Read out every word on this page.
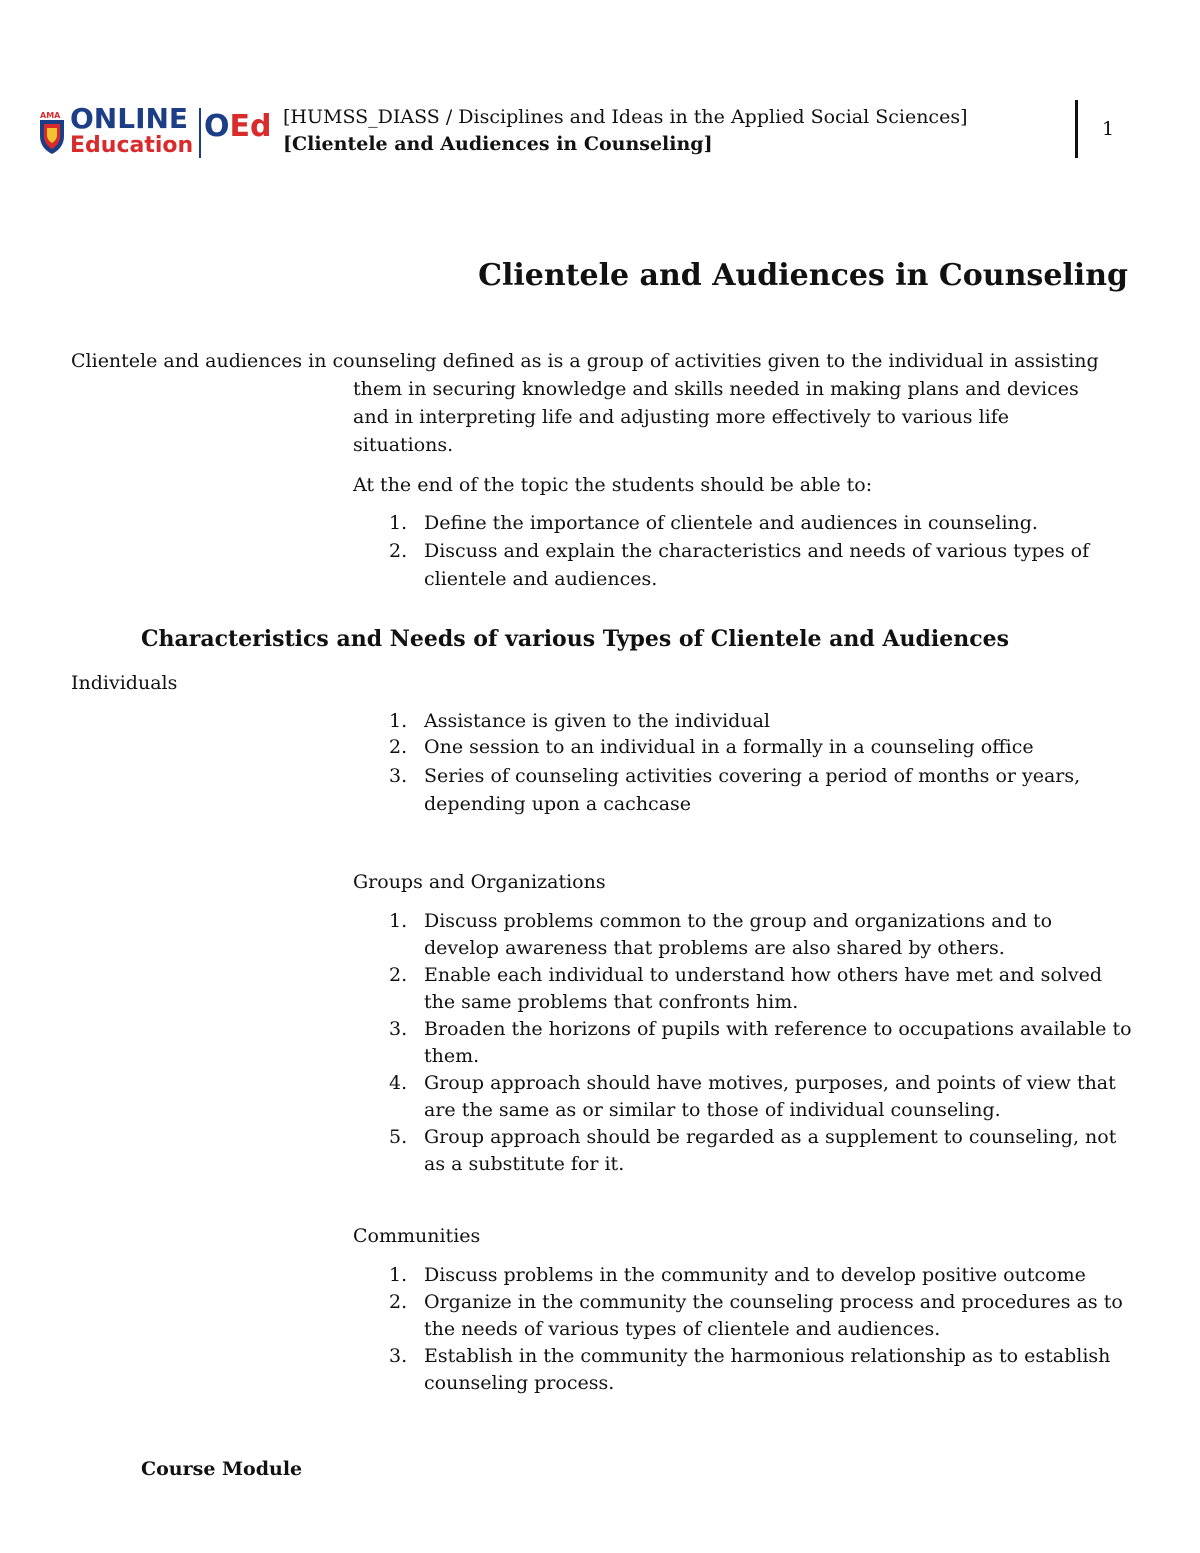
AMA ONLINE
Education
OEd [HUMSS_DIASS / Disciplines and Ideas in the Applied Social Sciences]
[Clientele and Audiences in Counseling]
1
Clientele and Audiences in Counseling
Clientele and audiences in counseling defined as is a group of activities given to the individual in assisting
them in securing knowledge and skills needed in making plans and devices and in interpreting life and adjusting more effectively to various life situations.
At the end of the topic the students should be able to:
1. Define the importance of clientele and audiences in counseling.
2. Discuss and explain the characteristics and needs of various types of clientele and audiences.
Characteristics and Needs of various Types of Clientele and Audiences
Individuals
1. Assistance is given to the individual
2. One session to an individual in a formally in a counseling office
3. Series of counseling activities covering a period of months or years, depending upon a cachcase
Groups and Organizations
1. Discuss problems common to the group and organizations and to develop awareness that problems are also shared by others.
2. Enable each individual to understand how others have met and solved the same problems that confronts him.
3. Broaden the horizons of pupils with reference to occupations available to them.
4. Group approach should have motives, purposes, and points of view that are the same as or similar to those of individual counseling.
5. Group approach should be regarded as a supplement to counseling, not as a substitute for it.
Communities
1. Discuss problems in the community and to develop positive outcome
2. Organize in the community the counseling process and procedures as to the needs of various types of clientele and audiences.
3. Establish in the community the harmonious relationship as to establish counseling process.
Course Module
